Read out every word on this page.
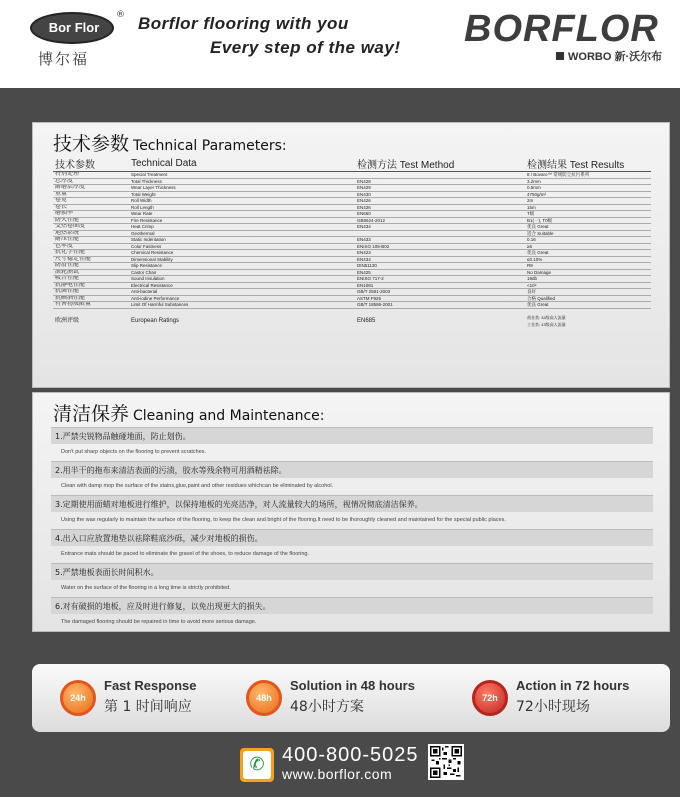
Bor Flor
®
博尔福
Borflor flooring with you
Every step of the way! BORFLOR
WORBO 新·沃尔布
技术参数 Technical Parameters:
技术参数	Technical Data	检测方法 Test Method	检测结果 Test Results
特别处理	Special Treatment		8 / Bovaro™ 常规防尘抗污系列
总厚度	Total Thickness	EN428	3.2mm
耐磨层厚度	Wear Layer Thickness	EN429	0.5mm
重量	Total Weight	EN430	4750g/m²
卷宽	Roll Width	EN426	2m
卷长	Roll Length	EN426	15m
磨损率	Wear Rate	EN660	T级
防火性能	Fire Resistance	GB8624-2012	B1(一), T0级
受热卷曲度	Heat Crimp	EN434	优良 Great
地热系统	Geothermal		适合 Suitable
耐压性能	Static Indentation	EN433	0.16
色牢度	Color Fastness	ENISO 105-B02	≥6
抗化学性能	Chemical Resistance	EN423	优良 Great
尺寸稳定性能	Dimensional Stability	EN434	≤0.10%
防滑性能	Slip Resistance	DIN51130	R9
滚轮测试	Castor Chair	EN425	No Damage
吸音性能	Sound Insulation	ENISO 717-2	19db
抗静电性能	Electrical Resistance	EN1081	<10⁹
抗菌性能	Anti-bacterial	GB/T 2591-2003	良好
抗碘酒性能	Anti-iodine Performance	ASTM F925	合格 Qualified
有害物质限量	Limit Of Harmful Substances	GB/T 18586-2001	优良 Great
欧洲评级	European Ratings	EN685	商业类: 34级高人流量
工业类: 43级高人流量
清洁保养 Cleaning and Maintenance:
1.严禁尖锐物品触碰地面，防止划伤。
Don't put sharp objects on the flooring to prevent scratches.
2.用半干的拖布来清洁表面的污渍，胶水等残余物可用酒精祛除。
Clean with damp mop the surface of the stains,glue,paint and other residues whichcan be eliminated by alcohol.
3.定期使用面蜡对地板进行维护，以保持地板的光亮洁净，对人流量较大的场所，视情况彻底清洁保养。
Using the wax regularly to maintain the surface of the flooring, to keep the clean and bright of the flooring.It need to be thoroughly cleaned and maintained for the special public places.
4.出入口应放置地垫以祛除鞋底沙砾，减少对地板的损伤。
Entrance mats should be paced to eliminate the gravel of the shoes, to reduce damage of the flooring.
5.严禁地板表面长时间积水。
Water on the surface of the flooring in a long time is strictly prohibited.
6.对有破损的地板，应及时进行修复，以免出现更大的损失。
The damaged flooring should be repaired in time to avoid more serious damage.
24h
Fast Response
第 1 时间响应
48h
Solution in 48 hours
48小时方案
72h
Action in 72 hours
72小时现场
✆ 400-800-5025
www.borflor.com
